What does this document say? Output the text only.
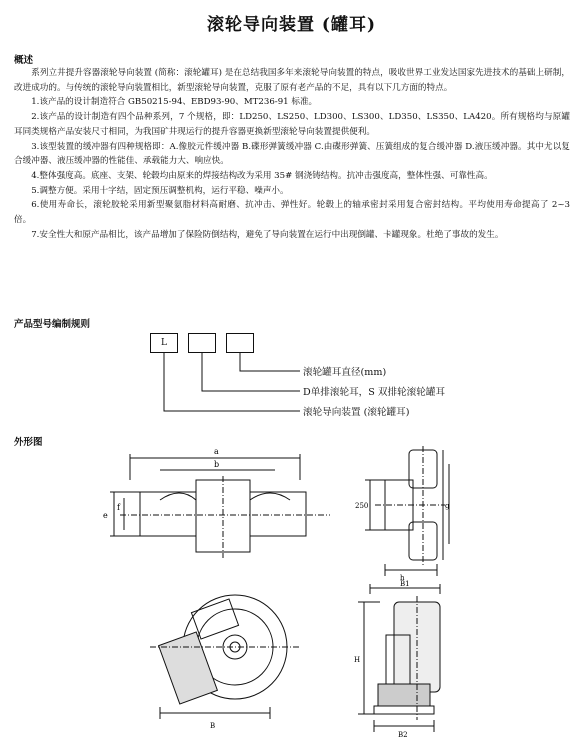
滚轮导向装置 (罐耳)
概述

系列立井提升容器滚轮导向装置 (简称：滚轮罐耳) 是在总结我国多年来滚轮导向装置的特点，吸收世界工业发达国家先进技术的基础上研制，改进成功的。与传统的滚轮导向装置相比，新型滚轮导向装置，克服了原有老产品的不足，具有以下几方面的特点。

1.该产品的设计制造符合 GB50215-94、EBD93-90、MT236-91 标准。

2.该产品的设计制造有四个品种系列，7 个规格，即：LD250、LS250、LD300、LS300、LD350、LS350、LA420。所有规格均与原罐耳同类规格产品安装尺寸相同，为我国矿井现运行的提升容器更换新型滚轮导向装置提供便利。

3.该型装置的缓冲器有四种规格即：A.像胶元件缓冲器 B.碟形弹簧缓冲器 C.由碟形弹簧、压簧组成的复合缓冲器 D.液压缓冲器。其中尤以复合缓冲器、液压缓冲器的性能佳、承载能力大、响应快。

4.整体强度高。底座、支架、轮毂均由原来的焊接结构改为采用 35# 钢浇铸结构。抗冲击强度高，整体性强、可靠性高。

5.调整方便。采用十字结，固定预压调整机构，运行平稳、噪声小。

6.使用寿命长，滚轮胶轮采用新型聚氨脂材料高耐磨、抗冲击、弹性好。轮毂上的轴承密封采用复合密封结构。平均使用寿命提高了 2~3 倍。

7.安全性大和原产品相比，该产品增加了保险防倒结构，避免了导向装置在运行中出现倒罐、卡罐现象。杜绝了事故的发生。

产品型号编制规则
L
滚轮罐耳直径(mm)
D单排滚轮耳，S 双排轮滚轮罐耳
滚轮导向装置 (滚轮罐耳)
外形图
a
b
e
f	250	g
h
B
B1
H
B2
